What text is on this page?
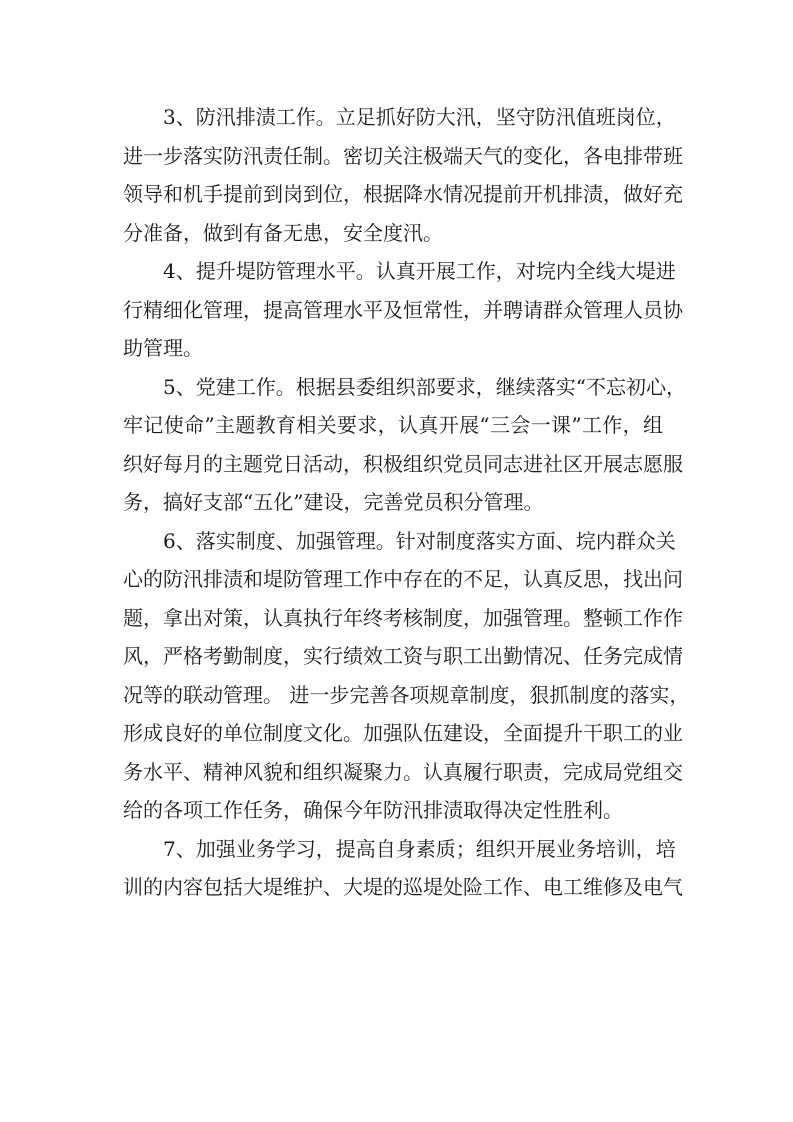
3、防汛排渍工作。立足抓好防大汛，坚守防汛值班岗位，
进一步落实防汛责任制。密切关注极端天气的变化，各电排带班
领导和机手提前到岗到位，根据降水情况提前开机排渍，做好充
分准备，做到有备无患，安全度汛。
4、提升堤防管理水平。认真开展工作，对垸内全线大堤进
行精细化管理，提高管理水平及恒常性，并聘请群众管理人员协
助管理。
5、党建工作。根据县委组织部要求，继续落实“不忘初心，
牢记使命”主题教育相关要求，认真开展“三会一课”工作，组
织好每月的主题党日活动，积极组织党员同志进社区开展志愿服
务，搞好支部“五化”建设，完善党员积分管理。
6、落实制度、加强管理。针对制度落实方面、垸内群众关
心的防汛排渍和堤防管理工作中存在的不足，认真反思，找出问
题，拿出对策，认真执行年终考核制度，加强管理。整顿工作作
风，严格考勤制度，实行绩效工资与职工出勤情况、任务完成情
况等的联动管理。 进一步完善各项规章制度，狠抓制度的落实，
形成良好的单位制度文化。加强队伍建设，全面提升干职工的业
务水平、精神风貌和组织凝聚力。认真履行职责，完成局党组交
给的各项工作任务，确保今年防汛排渍取得决定性胜利。
7、加强业务学习，提高自身素质；组织开展业务培训，培
训的内容包括大堤维护、大堤的巡堤处险工作、电工维修及电气
